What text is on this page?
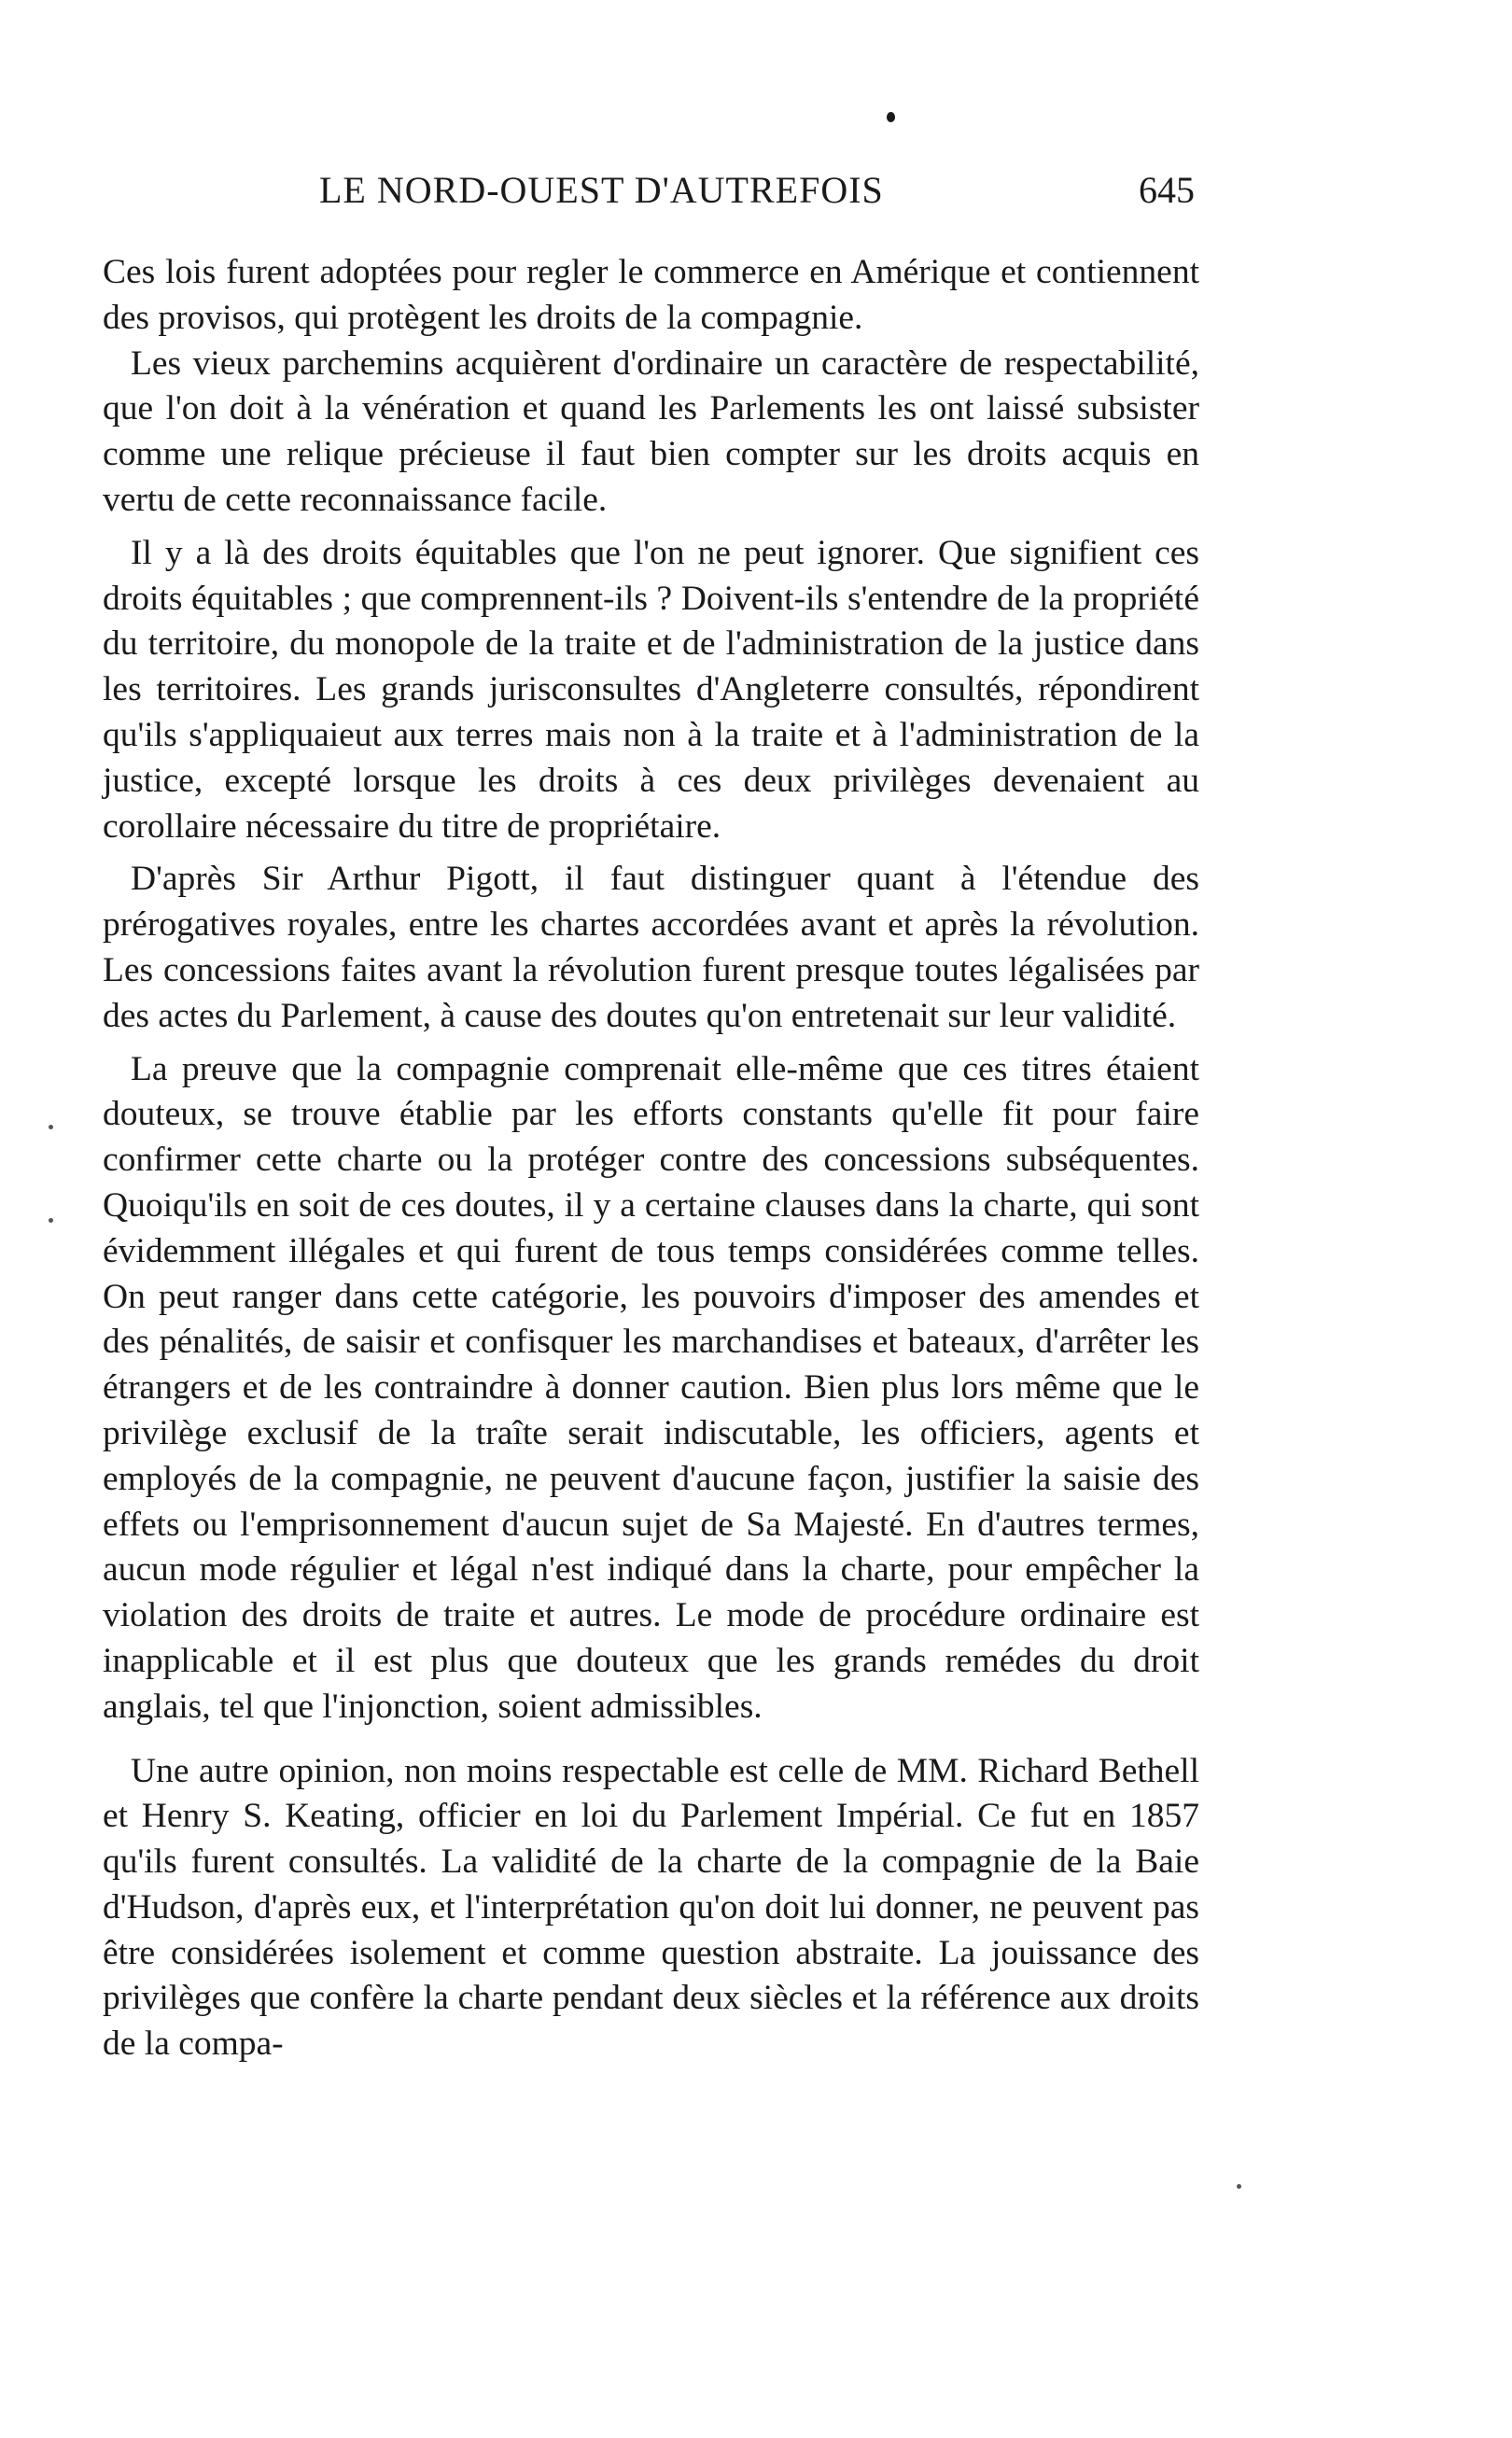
LE NORD-OUEST D'AUTREFOIS	645

Ces lois furent adoptées pour regler le commerce en Amérique et contiennent des provisos, qui protègent les droits de la compagnie.

Les vieux parchemins acquièrent d'ordinaire un caractère de respectabilité, que l'on doit à la vénération et quand les Parlements les ont laissé subsister comme une relique précieuse il faut bien compter sur les droits acquis en vertu de cette reconnaissance facile.

Il y a là des droits équitables que l'on ne peut ignorer. Que signifient ces droits équitables ; que comprennent-ils ? Doivent-ils s'entendre de la propriété du territoire, du monopole de la traite et de l'administration de la justice dans les territoires. Les grands jurisconsultes d'Angleterre consultés, répondirent qu'ils s'appliquaieut aux terres mais non à la traite et à l'administration de la justice, excepté lorsque les droits à ces deux privilèges devenaient au corollaire nécessaire du titre de propriétaire.

D'après Sir Arthur Pigott, il faut distinguer quant à l'étendue des prérogatives royales, entre les chartes accordées avant et après la révolution. Les concessions faites avant la révolution furent presque toutes légalisées par des actes du Parlement, à cause des doutes qu'on entretenait sur leur validité.

La preuve que la compagnie comprenait elle-même que ces titres étaient douteux, se trouve établie par les efforts constants qu'elle fit pour faire confirmer cette charte ou la protéger contre des concessions subséquentes. Quoiqu'ils en soit de ces doutes, il y a certaine clauses dans la charte, qui sont évidemment illégales et qui furent de tous temps considérées comme telles. On peut ranger dans cette catégorie, les pouvoirs d'imposer des amendes et des pénalités, de saisir et confisquer les marchandises et bateaux, d'arrêter les étrangers et de les contraindre à donner caution. Bien plus lors même que le privilège exclusif de la traîte serait indiscutable, les officiers, agents et employés de la compagnie, ne peuvent d'aucune façon, justifier la saisie des effets ou l'emprisonnement d'aucun sujet de Sa Majesté. En d'autres termes, aucun mode régulier et légal n'est indiqué dans la charte, pour empêcher la violation des droits de traite et autres. Le mode de procédure ordinaire est inapplicable et il est plus que douteux que les grands remédes du droit anglais, tel que l'injonction, soient admissibles.

Une autre opinion, non moins respectable est celle de MM. Richard Bethell et Henry S. Keating, officier en loi du Parlement Impérial. Ce fut en 1857 qu'ils furent consultés. La validité de la charte de la compagnie de la Baie d'Hudson, d'après eux, et l'interprétation qu'on doit lui donner, ne peuvent pas être considérées isolement et comme question abstraite. La jouissance des privilèges que confère la charte pendant deux siècles et la référence aux droits de la compa-
